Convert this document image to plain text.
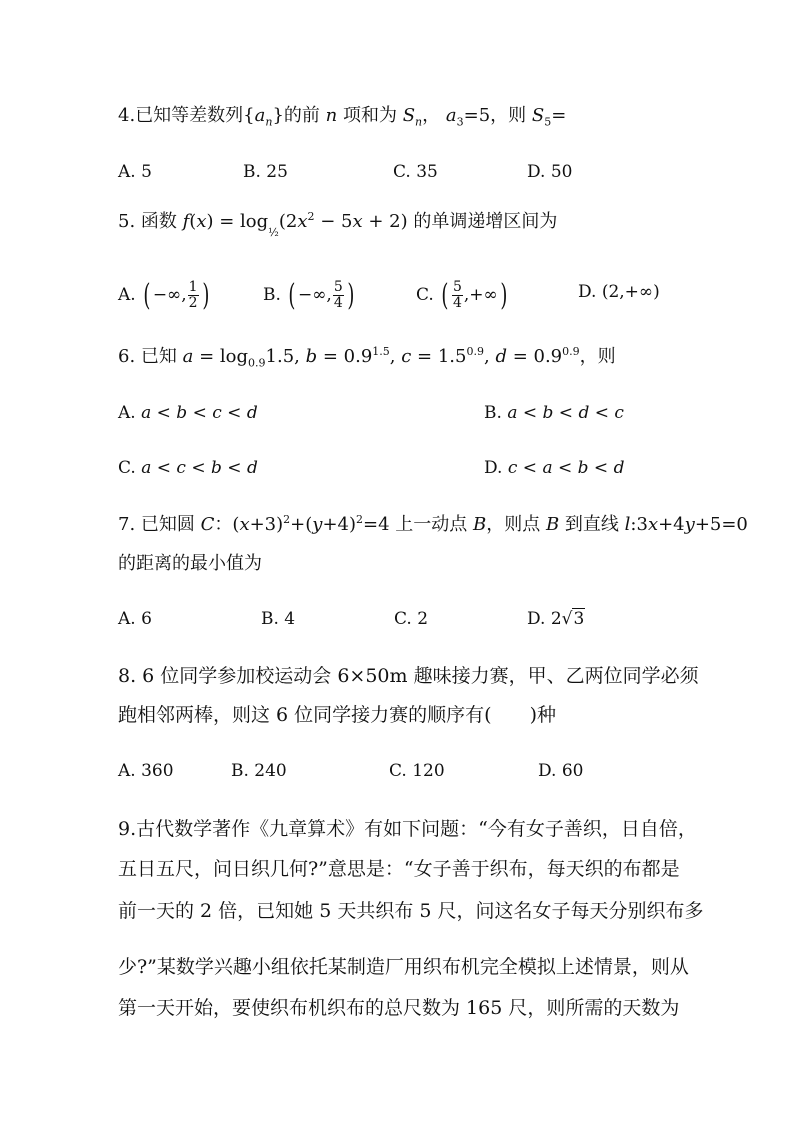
4.已知等差数列$\{a_n\}$的前 n 项和为 $S_n$， $a_3=5$，则 $S_5=$
A. 5	B. 25	C. 35	D. 50
5. 函数 $f(x) = \log_{\frac{1}{2}}(2x^2 - 5x + 2)$ 的单调递增区间为
A. ( −∞, $\frac{1}{2}$ )	B. ( −∞, $\frac{5}{4}$ )	C. ( $\frac{5}{4}$ ,+∞)	D. (2,+∞)
6. 已知 $a = \log_{0.9}1.5$, $b = 0.9^{1.5}$, $c = 1.5^{0.9}$, $d = 0.9^{0.9}$，则
A. a < b < c < d	B. a < b < d < c
C. a < c < b < d	D. c < a < b < d
7. 已知圆 C：$(x+3)^2+(y+4)^2=4$ 上一动点 B，则点 B 到直线 l:3x+4y+5=0
的距离的最小值为
A. 6	B. 4	C. 2	D. 2√3
8. 6 位同学参加校运动会 6×50m 趣味接力赛，甲、乙两位同学必须
跑相邻两棒，则这 6 位同学接力赛的顺序有(　　)种
A. 360	B. 240	C. 120	D. 60
9.古代数学著作《九章算术》有如下问题：“今有女子善织，日自倍，
五日五尺，问日织几何?”意思是：“女子善于织布，每天织的布都是
前一天的 2 倍，已知她 5 天共织布 5 尺，问这名女子每天分别织布多
少?”某数学兴趣小组依托某制造厂用织布机完全模拟上述情景，则从
第一天开始，要使织布机织布的总尺数为 165 尺，则所需的天数为
